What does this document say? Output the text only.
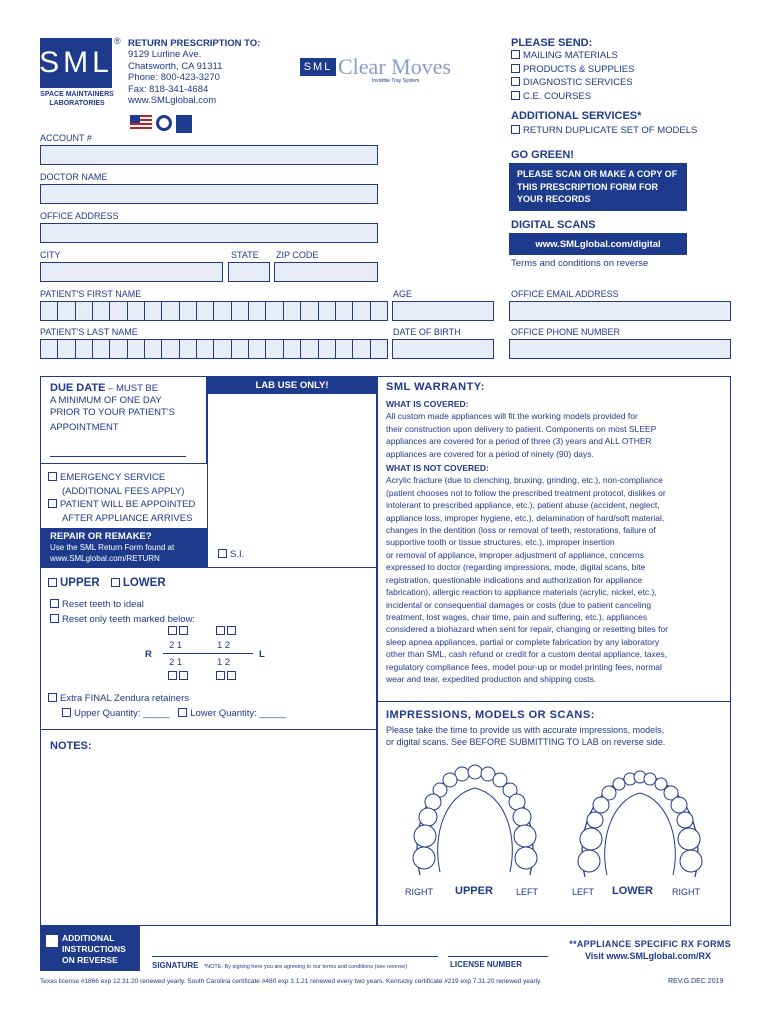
SML
®
SPACE MAINTAINERS LABORATORIES
RETURN PRESCRIPTION TO:
9129 Lurline Ave.
Chatsworth, CA 91311
Phone: 800-423-3270
Fax: 818-341-4684
www.SMLglobal.com
SML Clear Moves
Invisible Tray System
PLEASE SEND:
MAILING MATERIALS
PRODUCTS & SUPPLIES
DIAGNOSTIC SERVICES
C.E. COURSES
ADDITIONAL SERVICES*
RETURN DUPLICATE SET OF MODELS
GO GREEN!
PLEASE SCAN OR MAKE A COPY OF THIS PRESCRIPTION FORM FOR YOUR RECORDS
DIGITAL SCANS
www.SMLglobal.com/digital
Terms and conditions on reverse
ACCOUNT #
DOCTOR NAME
OFFICE ADDRESS
CITY	STATE ZIP CODE
PATIENT'S FIRST NAME	AGE	OFFICE EMAIL ADDRESS
PATIENT'S LAST NAME	DATE OF BIRTH	OFFICE PHONE NUMBER
DUE DATE – MUST BE
A MINIMUM OF ONE DAY
PRIOR TO YOUR PATIENT'S
APPOINTMENT
LAB USE ONLY!
EMERGENCY SERVICE
(ADDITIONAL FEES APPLY)
PATIENT WILL BE APPOINTED
AFTER APPLIANCE ARRIVES
REPAIR OR REMAKE?
Use the SML Return Form found at
www.SMLglobal.com/RETURN	S.I.
UPPER LOWER
Reset teeth to ideal
Reset only teeth marked below:
R
2 1	1 2
2 1	1 2
L
Extra FINAL Zendura retainers
Upper Quantity: _____ Lower Quantity: _____
NOTES:
SML WARRANTY:
WHAT IS COVERED:
All custom made appliances will fit the working models provided for
their construction upon delivery to patient. Components on most SLEEP
appliances are covered for a period of three (3) years and ALL OTHER
appliances are covered for a period of ninety (90) days.
WHAT IS NOT COVERED:
Acrylic fracture (due to clenching, bruxing, grinding, etc.), non-compliance
(patient chooses not to follow the prescribed treatment protocol, dislikes or
intolerant to prescribed appliance, etc.), patient abuse (accident, neglect,
appliance loss, improper hygiene, etc.), delamination of hard/soft material,
changes in the dentition (loss or removal of teeth, restorations, failure of
supportive tooth or tissue structures, etc.), improper insertion
or removal of appliance, improper adjustment of appliance, concerns
expressed to doctor (regarding impressions, mode, digital scans, bite
registration, questionable indications and authorization for appliance
fabrication), allergic reaction to appliance materials (acrylic, nickel, etc.),
incidental or consequential damages or costs (due to patient canceling
treatment, lost wages, chair time, pain and suffering, etc.), appliances
considered a biohazard when sent for repair, changing or resetting bites for
sleep apnea appliances, partial or complete fabrication by any laboratory
other than SML, cash refund or credit for a custom dental appliance, taxes,
regulatory compliance fees, model pour-up or model printing fees, normal
wear and tear, expedited production and shipping costs.
IMPRESSIONS, MODELS OR SCANS:
Please take the time to provide us with accurate impressions, models,
or digital scans. See BEFORE SUBMITTING TO LAB on reverse side.
RIGHT UPPER	LEFT	LEFT LOWER RIGHT
ADDITIONAL
INSTRUCTIONS
ON REVERSE
SIGNATURE *NOTE: By signing here you are agreeing to our terms and conditions (see reverse)	LICENSE NUMBER
**APPLIANCE SPECIFIC RX FORMS
Visit www.SMLglobal.com/RX
Texas license #1866 exp 12.31.20 renewed yearly. South Carolina certificate #480 exp 3.1.21 renewed every two years. Kentucky certificate #219 exp 7.31.20 renewed yearly.	REV.G.DEC.2019
